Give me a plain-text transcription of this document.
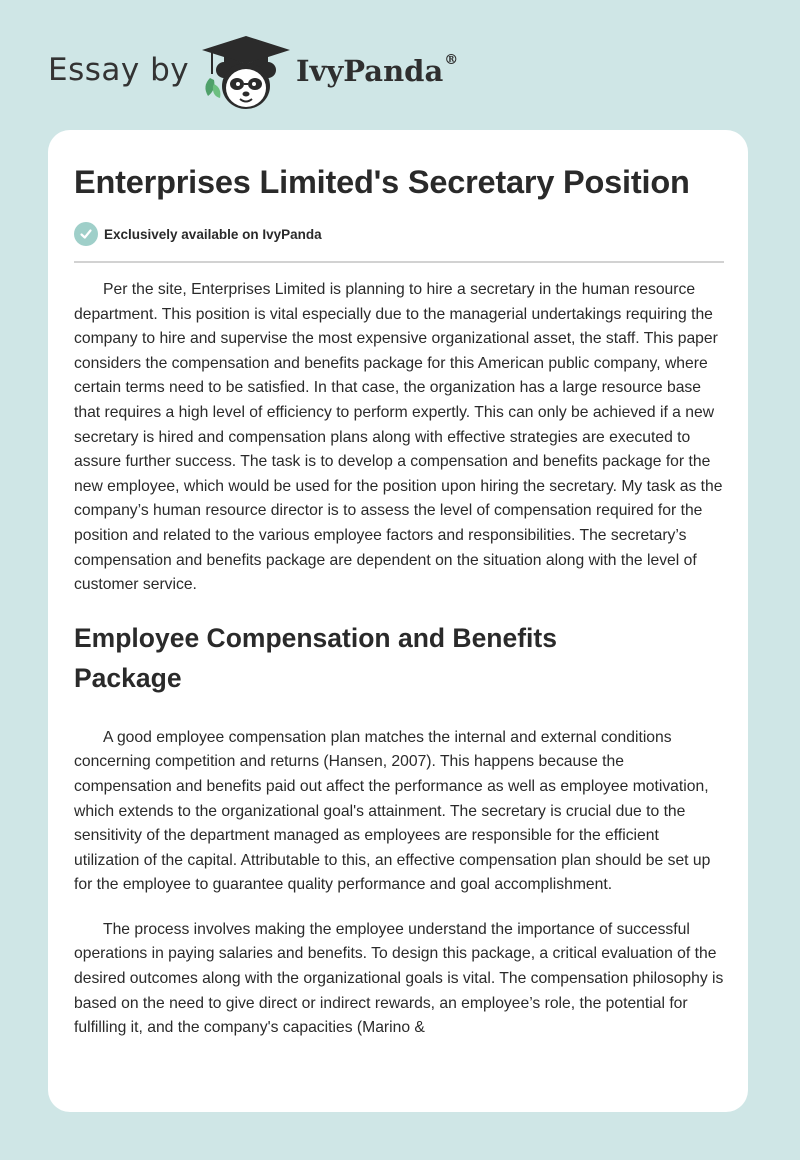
Essay by	IvyPanda®
Enterprises Limited's Secretary Position
Exclusively available on IvyPanda

Per the site, Enterprises Limited is planning to hire a secretary in the human resource department. This position is vital especially due to the managerial undertakings requiring the company to hire and supervise the most expensive organizational asset, the staff. This paper considers the compensation and benefits package for this American public company, where certain terms need to be satisfied. In that case, the organization has a large resource base that requires a high level of efficiency to perform expertly. This can only be achieved if a new secretary is hired and compensation plans along with effective strategies are executed to assure further success. The task is to develop a compensation and benefits package for the new employee, which would be used for the position upon hiring the secretary. My task as the company’s human resource director is to assess the level of compensation required for the position and related to the various employee factors and responsibilities. The secretary’s compensation and benefits package are dependent on the situation along with the level of customer service.

Employee Compensation and Benefits Package

A good employee compensation plan matches the internal and external conditions concerning competition and returns (Hansen, 2007). This happens because the compensation and benefits paid out affect the performance as well as employee motivation, which extends to the organizational goal's attainment. The secretary is crucial due to the sensitivity of the department managed as employees are responsible for the efficient utilization of the capital. Attributable to this, an effective compensation plan should be set up for the employee to guarantee quality performance and goal accomplishment.

The process involves making the employee understand the importance of successful operations in paying salaries and benefits. To design this package, a critical evaluation of the desired outcomes along with the organizational goals is vital. The compensation philosophy is based on the need to give direct or indirect rewards, an employee’s role, the potential for fulfilling it, and the company's capacities (Marino &
